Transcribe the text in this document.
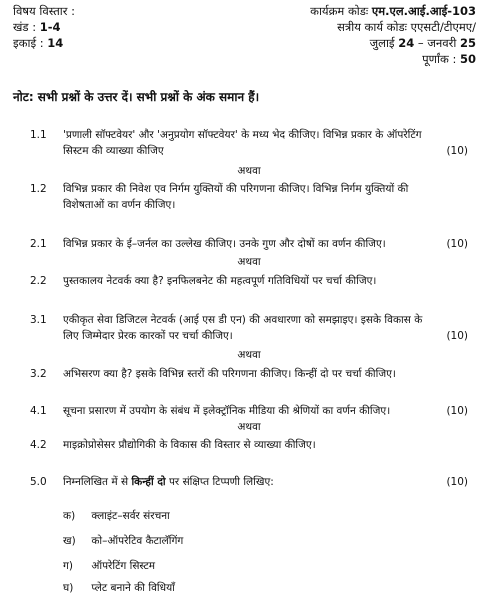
विषय विस्तार :
खंड : 1-4
इकाई : 14
कार्यक्रम कोडः एम.एल.आई.आई-103
सत्रीय कार्य कोडः एएसटी/टीएमए/
जुलाई 24 – जनवरी 25
पूर्णांक : 50
नोट: सभी प्रश्नों के उत्तर दें। सभी प्रश्नों के अंक समान हैं।
1.1 'प्रणाली सॉफ्टवेयर' और 'अनुप्रयोग सॉफ्टवेयर' के मध्य भेद कीजिए। विभिन्न प्रकार के ऑपरेटिंग सिस्टम की व्याख्या कीजिए	(10)
अथवा
1.2 विभिन्न प्रकार की निवेश एव निर्गम युक्तियों की परिगणना कीजिए। विभिन्न निर्गम युक्तियों की विशेषताओं का वर्णन कीजिए।
2.1 विभिन्न प्रकार के ई–जर्नल का उल्लेख कीजिए। उनके गुण और दोषों का वर्णन कीजिए।	(10)
अथवा
2.2 पुस्तकालय नेटवर्क क्या है? इनफिलबनेट की महत्वपूर्ण गतिविधियों पर चर्चा कीजिए।
3.1 एकीकृत सेवा डिजिटल नेटवर्क (आई एस डी एन) की अवधारणा को समझाइए। इसके विकास के लिए जिम्मेदार प्रेरक कारकों पर चर्चा कीजिए।	(10)
अथवा
3.2 अभिसरण क्या है? इसके विभिन्न स्तरों की परिगणना कीजिए। किन्हीं दो पर चर्चा कीजिए।
4.1 सूचना प्रसारण में उपयोग के संबंध में इलेक्ट्रॉनिक मीडिया की श्रेणियों का वर्णन कीजिए।	(10)
अथवा
4.2 माइक्रोप्रोसेसर प्रौद्योगिकी के विकास की विस्तार से व्याख्या कीजिए।
5.0 निम्नलिखित में से किन्हीं दो पर संक्षिप्त टिप्पणी लिखिए:	(10)
क) क्लाइंट–सर्वर संरचना
ख) को–ऑपरेटिव कैटालॅगिंग
ग) ऑपरेटिंग सिस्टम
घ) प्लेट बनाने की विधियाँ
